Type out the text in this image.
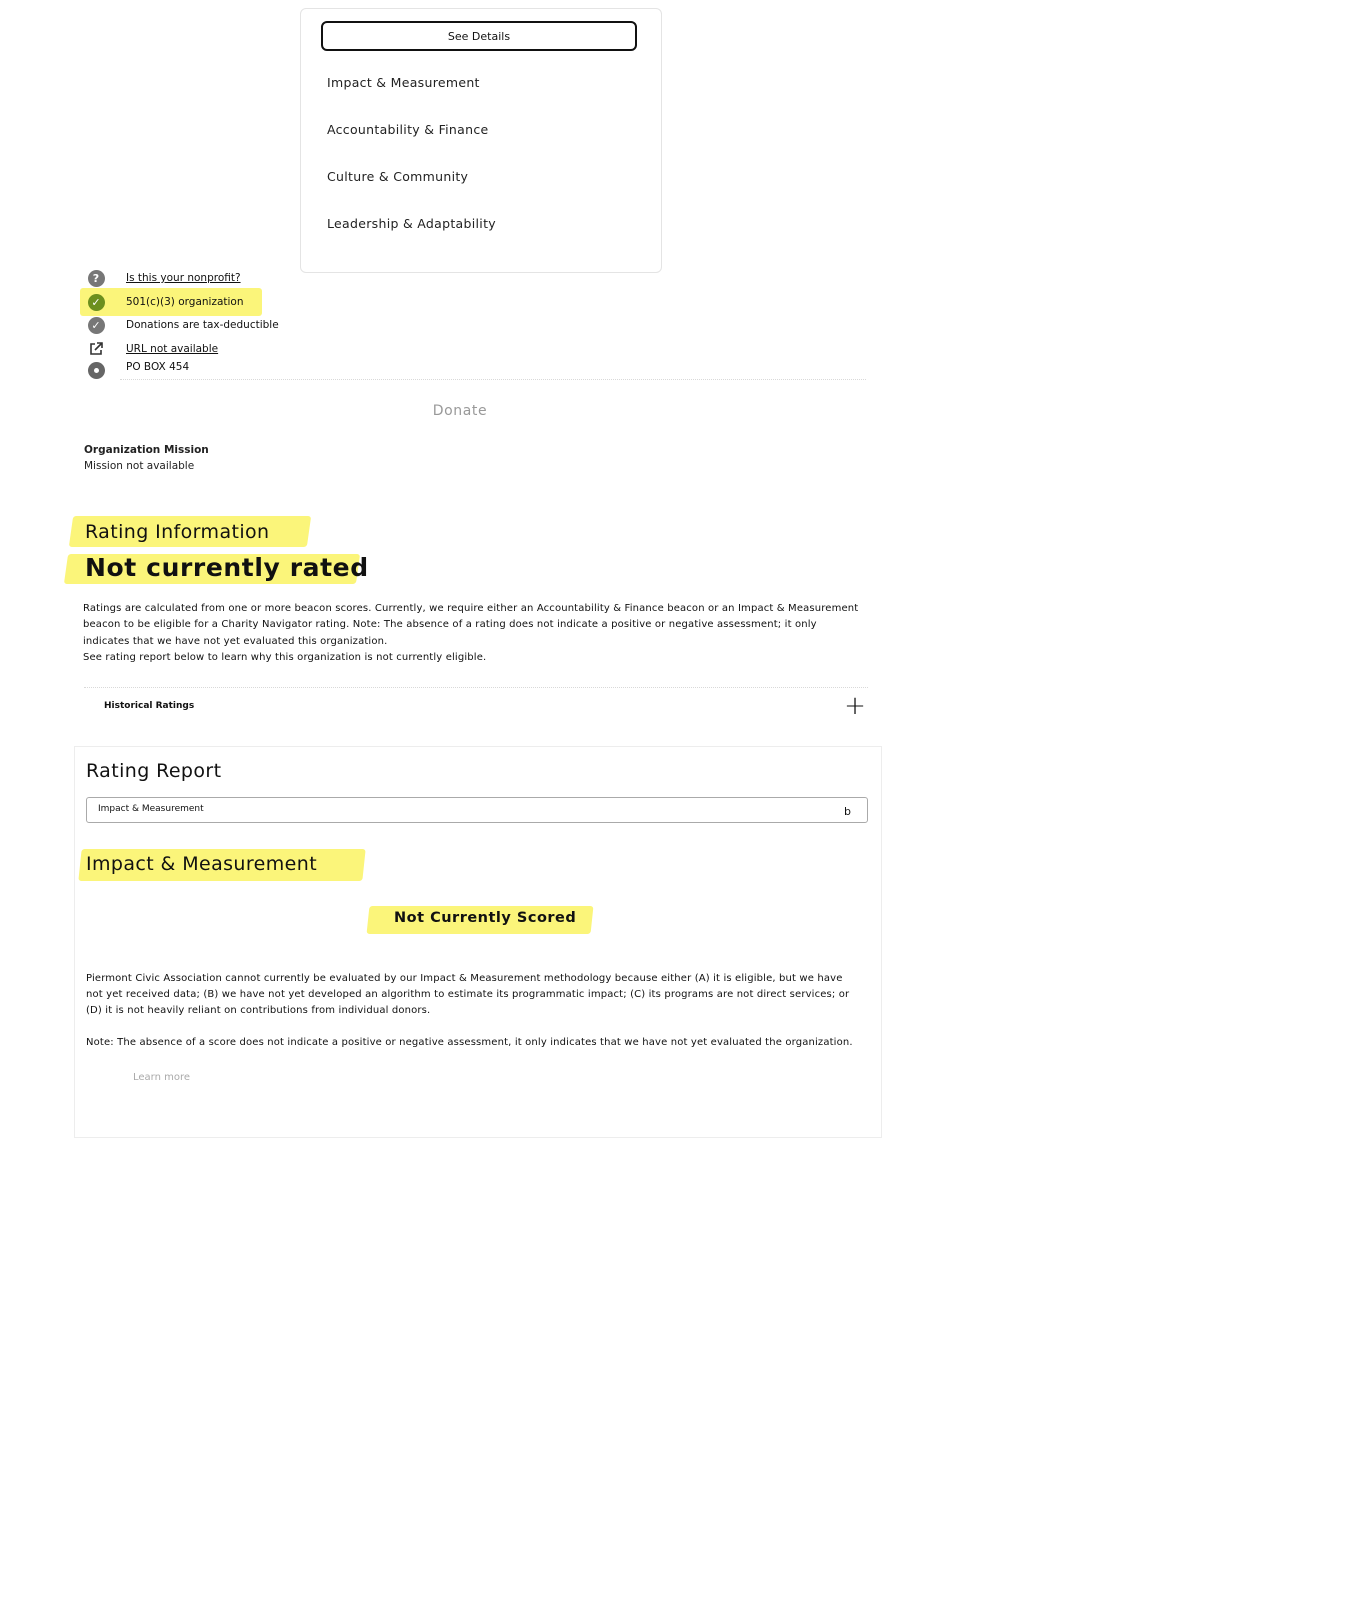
See Details
Impact & Measurement
Accountability & Finance
Culture & Community
Leadership & Adaptability
?	Is this your nonprofit?
✓	501(c)(3) organization
✓	Donations are tax-deductible
URL not available
PO BOX 454
Donate
Organization Mission
Mission not available
Rating Information
Not currently rated
Ratings are calculated from one or more beacon scores. Currently, we require either an Accountability & Finance beacon or an Impact & Measurement beacon to be eligible for a Charity Navigator rating. Note: The absence of a rating does not indicate a positive or negative assessment; it only indicates that we have not yet evaluated this organization.
See rating report below to learn why this organization is not currently eligible.
Historical Ratings	+
Rating Report
Impact & Measurement	b
Impact & Measurement
Not Currently Scored
Piermont Civic Association cannot currently be evaluated by our Impact & Measurement methodology because either (A) it is eligible, but we have not yet received data; (B) we have not yet developed an algorithm to estimate its programmatic impact; (C) its programs are not direct services; or (D) it is not heavily reliant on contributions from individual donors.
Note: The absence of a score does not indicate a positive or negative assessment, it only indicates that we have not yet evaluated the organization.
Learn more
